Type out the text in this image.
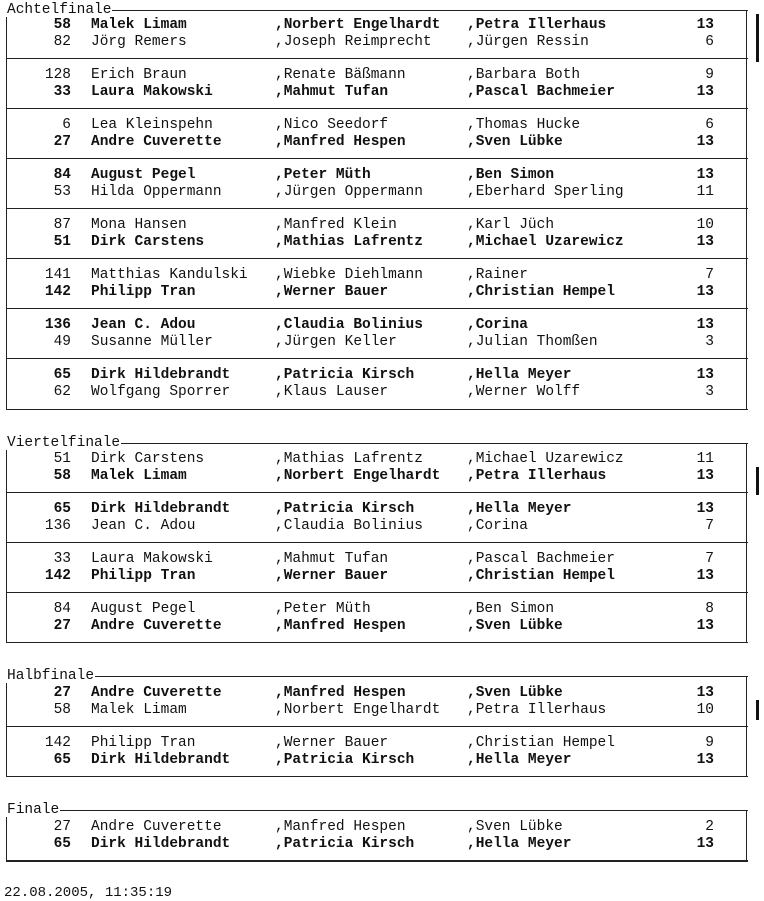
Achtelfinale
58 Malek Limam	,Norbert Engelhardt ,Petra Illerhaus	13
82 Jörg Remers	,Joseph Reimprecht ,Jürgen Ressin	6
128 Erich Braun	,Renate Bäßmann	,Barbara Both	9
33 Laura Makowski	,Mahmut Tufan	,Pascal Bachmeier	13
6 Lea Kleinspehn	,Nico Seedorf	,Thomas Hucke	6
27 Andre Cuverette	,Manfred Hespen	,Sven Lübke	13
84 August Pegel	,Peter Müth	,Ben Simon	13
53 Hilda Oppermann	,Jürgen Oppermann	,Eberhard Sperling	11
87 Mona Hansen	,Manfred Klein	,Karl Jüch	10
51 Dirk Carstens	,Mathias Lafrentz	,Michael Uzarewicz	13
141 Matthias Kandulski ,Wiebke Diehlmann	,Rainer	7
142 Philipp Tran	,Werner Bauer	,Christian Hempel	13
136 Jean C. Adou	,Claudia Bolinius	,Corina	13
49 Susanne Müller	,Jürgen Keller	,Julian Thomßen	3
65 Dirk Hildebrandt	,Patricia Kirsch	,Hella Meyer	13
62 Wolfgang Sporrer	,Klaus Lauser	,Werner Wolff	3
Viertelfinale
51 Dirk Carstens	,Mathias Lafrentz	,Michael Uzarewicz	11
58 Malek Limam	,Norbert Engelhardt ,Petra Illerhaus	13
65 Dirk Hildebrandt	,Patricia Kirsch	,Hella Meyer	13
136 Jean C. Adou	,Claudia Bolinius	,Corina	7
33 Laura Makowski	,Mahmut Tufan	,Pascal Bachmeier	7
142 Philipp Tran	,Werner Bauer	,Christian Hempel	13
84 August Pegel	,Peter Müth	,Ben Simon	8
27 Andre Cuverette	,Manfred Hespen	,Sven Lübke	13
Halbfinale
27 Andre Cuverette	,Manfred Hespen	,Sven Lübke	13
58 Malek Limam	,Norbert Engelhardt ,Petra Illerhaus	10
142 Philipp Tran	,Werner Bauer	,Christian Hempel	9
65 Dirk Hildebrandt	,Patricia Kirsch	,Hella Meyer	13
Finale
27 Andre Cuverette	,Manfred Hespen	,Sven Lübke	2
65 Dirk Hildebrandt	,Patricia Kirsch	,Hella Meyer	13
22.08.2005, 11:35:19
